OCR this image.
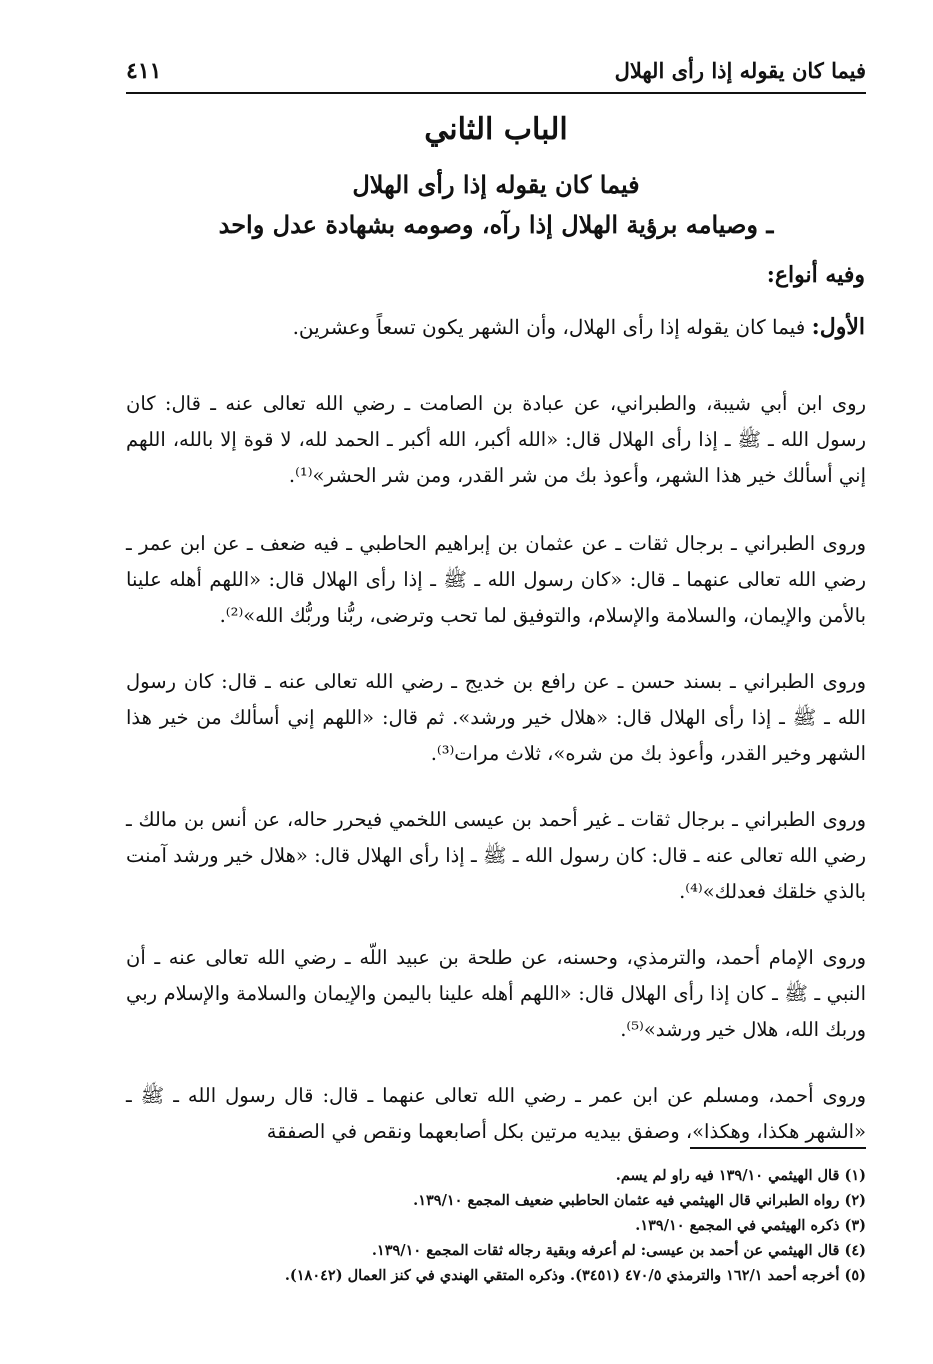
فيما كان يقوله إذا رأى الهلال
٤١١
الباب الثاني
فيما كان يقوله إذا رأى الهلال
ـ وصيامه برؤية الهلال إذا رآه، وصومه بشهادة عدل واحد
وفيه أنواع:
الأول: فيما كان يقوله إذا رأى الهلال، وأن الشهر يكون تسعاً وعشرين.

روى ابن أبي شيبة، والطبراني، عن عبادة بن الصامت ـ رضي الله تعالى عنه ـ قال: كان رسول الله ـ ﷺ ـ إذا رأى الهلال قال: «الله أكبر، الله أكبر ـ الحمد لله، لا قوة إلا بالله، اللهم إني أسألك خير هذا الشهر، وأعوذ بك من شر القدر، ومن شر الحشر»⁽¹⁾.

وروى الطبراني ـ برجال ثقات ـ عن عثمان بن إبراهيم الحاطبي ـ فيه ضعف ـ عن ابن عمر ـ رضي الله تعالى عنهما ـ قال: «كان رسول الله ـ ﷺ ـ إذا رأى الهلال قال: «اللهم أهله علينا بالأمن والإيمان، والسلامة والإسلام، والتوفيق لما تحب وترضى، ربُّنا وربُّك الله»⁽²⁾.

وروى الطبراني ـ بسند حسن ـ عن رافع بن خديج ـ رضي الله تعالى عنه ـ قال: كان رسول الله ـ ﷺ ـ إذا رأى الهلال قال: «هلال خير ورشد». ثم قال: «اللهم إني أسألك من خير هذا الشهر وخير القدر، وأعوذ بك من شره»، ثلاث مرات⁽³⁾.

وروى الطبراني ـ برجال ثقات ـ غير أحمد بن عيسى اللخمي فيحرر حاله، عن أنس بن مالك ـ رضي الله تعالى عنه ـ قال: كان رسول الله ـ ﷺ ـ إذا رأى الهلال قال: «هلال خير ورشد آمنت بالذي خلقك فعدلك»⁽⁴⁾.

وروى الإمام أحمد، والترمذي، وحسنه، عن طلحة بن عبيد اللّه ـ رضي الله تعالى عنه ـ أن النبي ـ ﷺ ـ كان إذا رأى الهلال قال: «اللهم أهله علينا باليمن والإيمان والسلامة والإسلام ربي وربك الله، هلال خير ورشد»⁽⁵⁾.

وروى أحمد، ومسلم عن ابن عمر ـ رضي الله تعالى عنهما ـ قال: قال رسول الله ـ ﷺ ـ «الشهر هكذا، وهكذا»، وصفق بيديه مرتين بكل أصابعهما ونقص في الصفقة

(١) قال الهيثمي ١٣٩/١٠ فيه راو لم يسم.
(٢) رواه الطبراني قال الهيثمي فيه عثمان الحاطبي ضعيف المجمع ١٣٩/١٠.
(٣) ذكره الهيثمي في المجمع ١٣٩/١٠.
(٤) قال الهيثمي عن أحمد بن عيسى: لم أعرفه وبقية رجاله ثقات المجمع ١٣٩/١٠.
(٥) أخرجه أحمد ١٦٢/١ والترمذي ٤٧٠/٥ (٣٤٥١). وذكره المتقي الهندي في كنز العمال (١٨٠٤٢).
